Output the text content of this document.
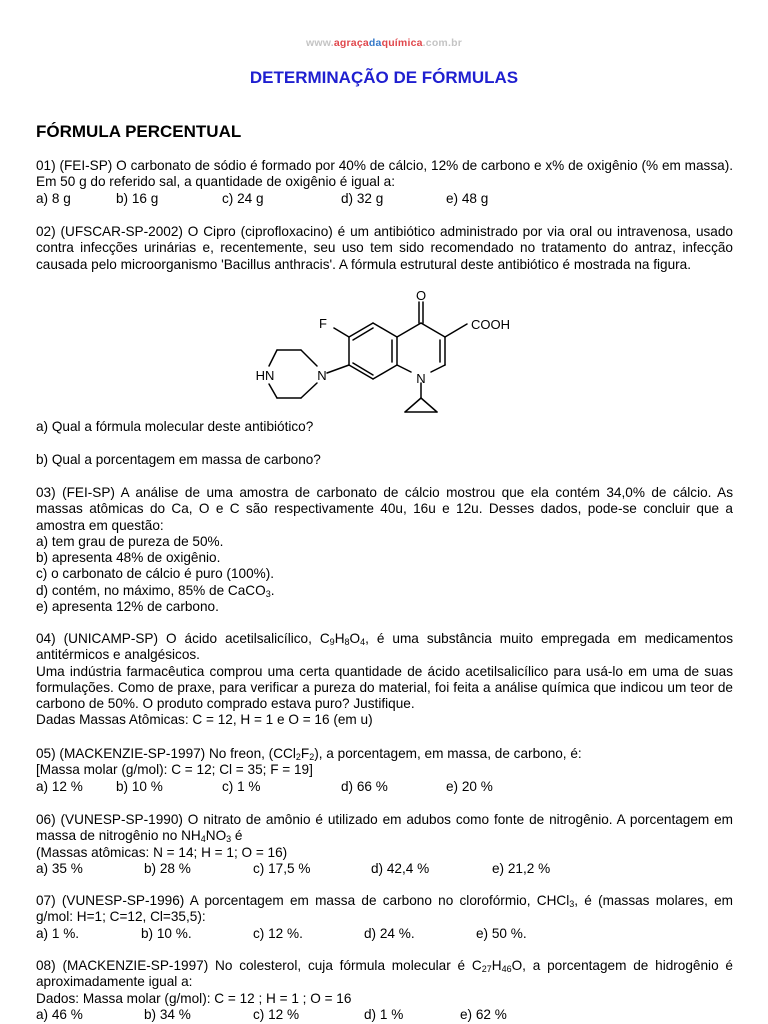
www.agraçadaquímica.com.br
DETERMINAÇÃO DE FÓRMULAS
FÓRMULA PERCENTUAL
01) (FEI-SP) O carbonato de sódio é formado por 40% de cálcio, 12% de carbono e x% de oxigênio (% em massa). Em 50 g do referido sal, a quantidade de oxigênio é igual a:
a) 8 g	b) 16 g	c) 24 g	d) 32 g	e) 48 g
02) (UFSCAR-SP-2002) O Cipro (ciprofloxacino) é um antibiótico administrado por via oral ou intravenosa, usado contra infecções urinárias e, recentemente, seu uso tem sido recomendado no tratamento do antraz, infecção causada pelo microorganismo 'Bacillus anthracis'. A fórmula estrutural deste antibiótico é mostrada na figura.
O
COOH
F
HN	N	N
a) Qual a fórmula molecular deste antibiótico?
b) Qual a porcentagem em massa de carbono?
03) (FEI-SP) A análise de uma amostra de carbonato de cálcio mostrou que ela contém 34,0% de cálcio. As massas atômicas do Ca, O e C são respectivamente 40u, 16u e 12u. Desses dados, pode-se concluir que a amostra em questão:
a) tem grau de pureza de 50%.
b) apresenta 48% de oxigênio.
c) o carbonato de cálcio é puro (100%).
d) contém, no máximo, 85% de CaCO$_3$.
e) apresenta 12% de carbono.
04) (UNICAMP-SP) O ácido acetilsalicílico, $C_9H_8O_4$, é uma substância muito empregada em medicamentos antitérmicos e analgésicos.
Uma indústria farmacêutica comprou uma certa quantidade de ácido acetilsalicílico para usá-lo em uma de suas formulações. Como de praxe, para verificar a pureza do material, foi feita a análise química que indicou um teor de carbono de 50%. O produto comprado estava puro? Justifique.
Dadas Massas Atômicas: C = 12, H = 1 e O = 16 (em u)
05) (MACKENZIE-SP-1997) No freon, $(CCl_2F_2)$, a porcentagem, em massa, de carbono, é:
[Massa molar (g/mol): C = 12; Cl = 35; F = 19]
a) 12 % b) 10 %	c) 1 %	d) 66 %	e) 20 %
06) (VUNESP-SP-1990) O nitrato de amônio é utilizado em adubos como fonte de nitrogênio. A porcentagem em massa de nitrogênio no $NH_4NO_3$ é
(Massas atômicas: N = 14; H = 1; O = 16)
a) 35 %	b) 28 %	c) 17,5 %	d) 42,4 %	e) 21,2 %
07) (VUNESP-SP-1996) A porcentagem em massa de carbono no clorofórmio, CHCl$_3$, é (massas molares, em g/mol: H=1; C=12, Cl=35,5):
a) 1 %.	b) 10 %.	c) 12 %.	d) 24 %.	e) 50 %.
08) (MACKENZIE-SP-1997) No colesterol, cuja fórmula molecular é $C_{27}H_{46}O$, a porcentagem de hidrogênio é aproximadamente igual a:
Dados: Massa molar (g/mol): C = 12 ; H = 1 ; O = 16
a) 46 %	b) 34 %	c) 12 %	d) 1 %	e) 62 %
